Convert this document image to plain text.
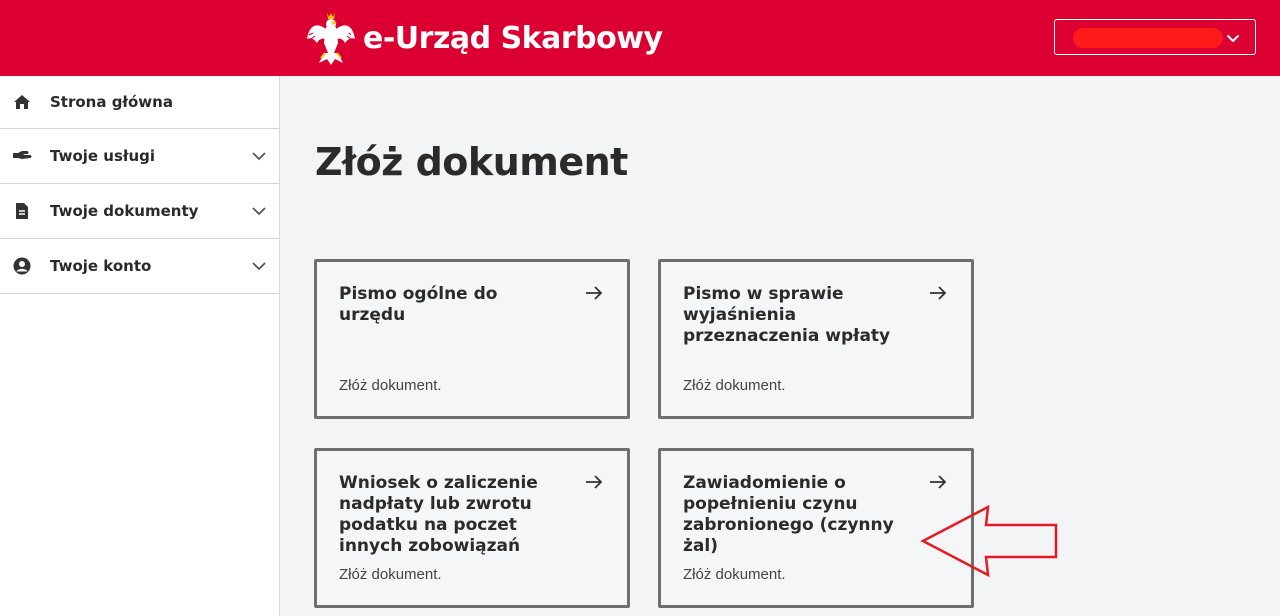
e-Urząd Skarbowy
Strona główna
Twoje usługi
Twoje dokumenty
Twoje konto
Złóż dokument
Pismo ogólne do urzędu
Złóż dokument.
Pismo w sprawie wyjaśnienia przeznaczenia wpłaty
Złóż dokument.
Wniosek o zaliczenie nadpłaty lub zwrotu podatku na poczet innych zobowiązań
Złóż dokument.
Zawiadomienie o popełnieniu czynu zabronionego (czynny żal)
Złóż dokument.
